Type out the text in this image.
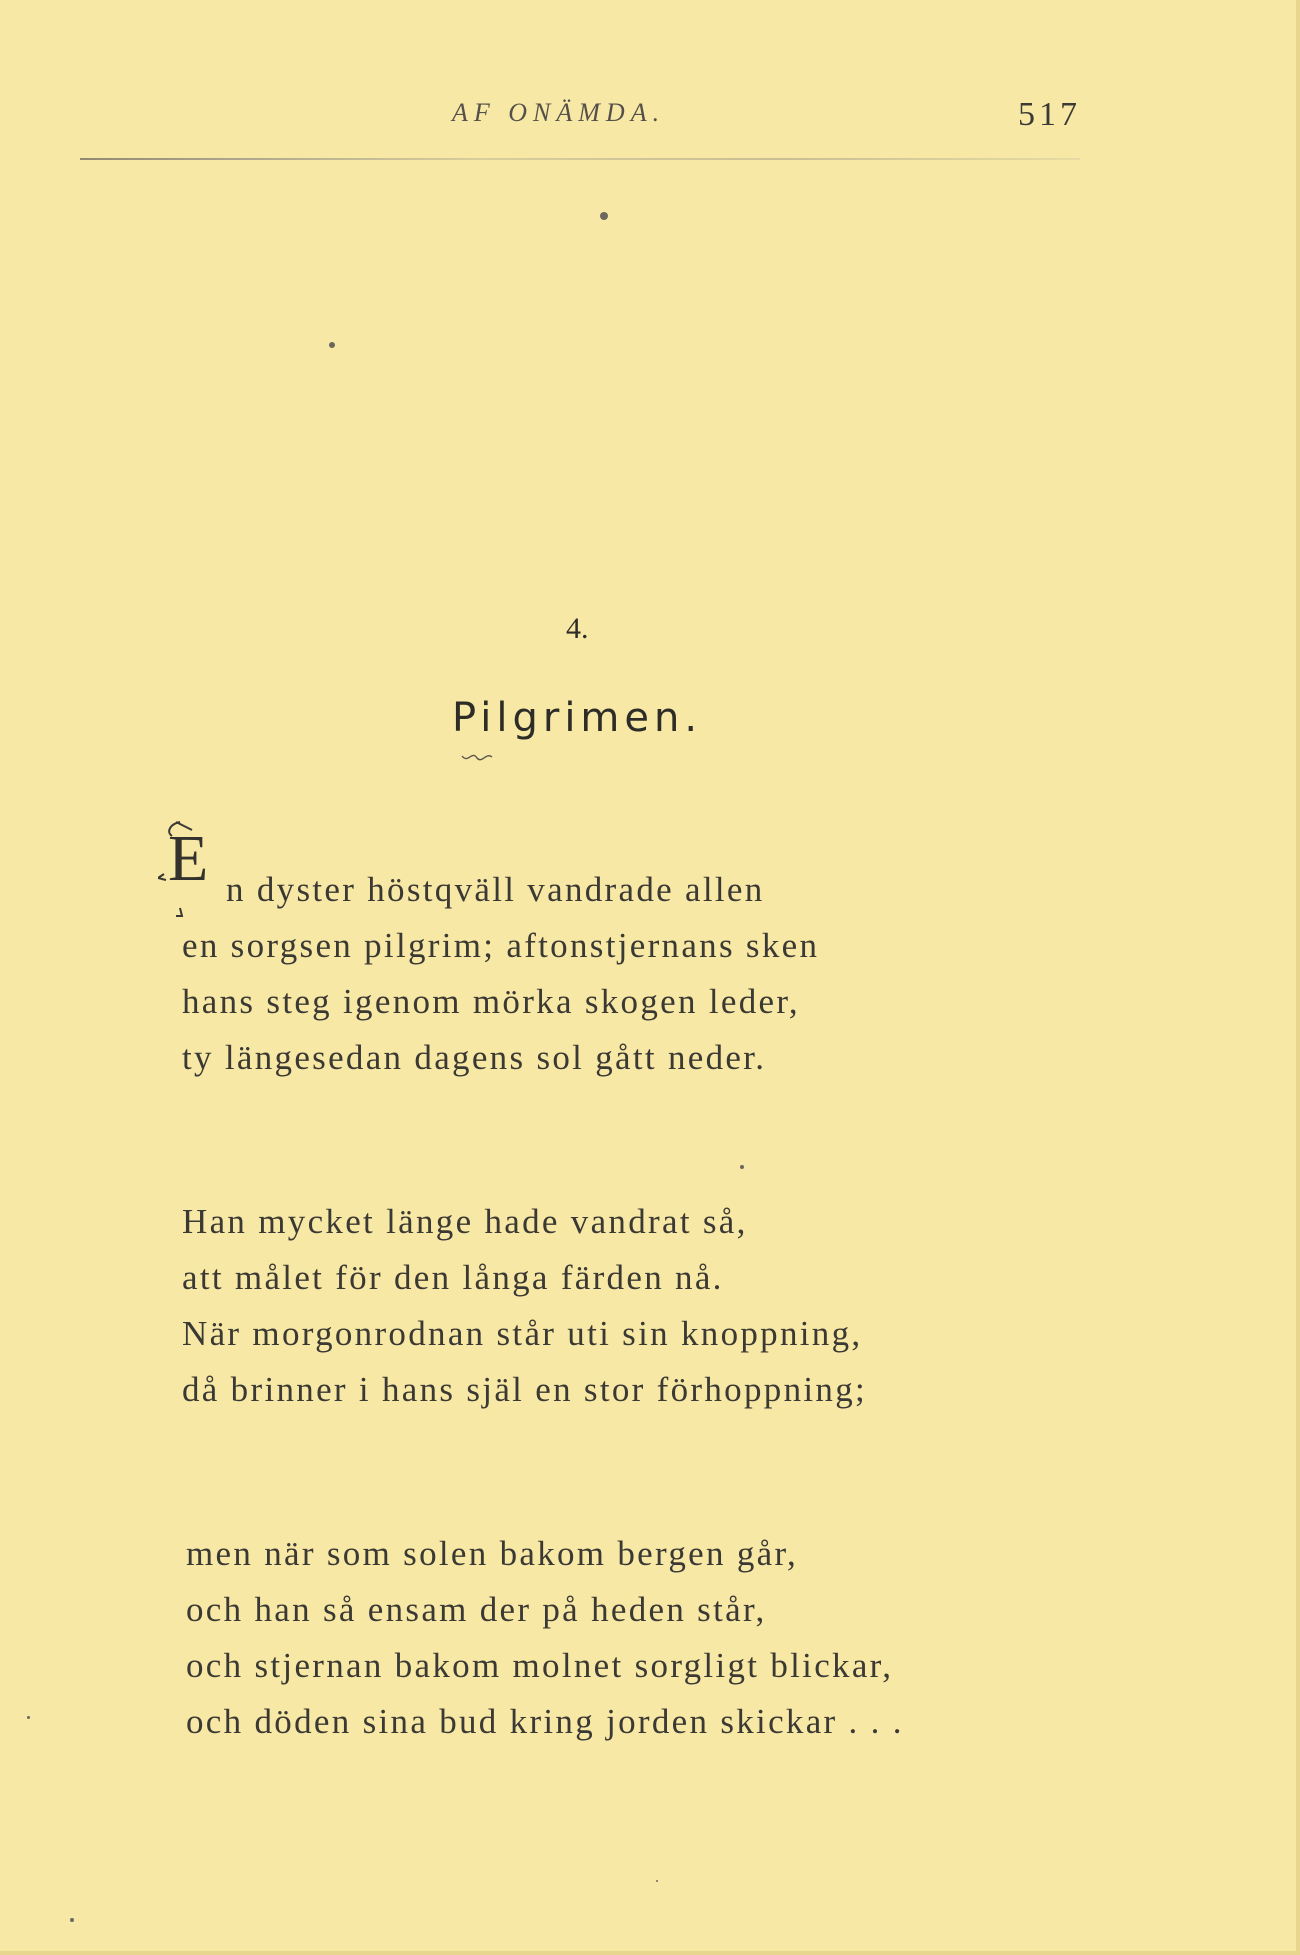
AF ONÄMDA.	517
4.
Pilgrimen.
E n dyster höstqväll vandrade allen
en sorgsen pilgrim; aftonstjernans sken
hans steg igenom mörka skogen leder,
ty längesedan dagens sol gått neder.
Han mycket länge hade vandrat så,
att målet för den långa färden nå.
När morgonrodnan står uti sin knoppning,
då brinner i hans själ en stor förhoppning;
men när som solen bakom bergen går,
och han så ensam der på heden står,
och stjernan bakom molnet sorgligt blickar,
och döden sina bud kring jorden skickar . . .
